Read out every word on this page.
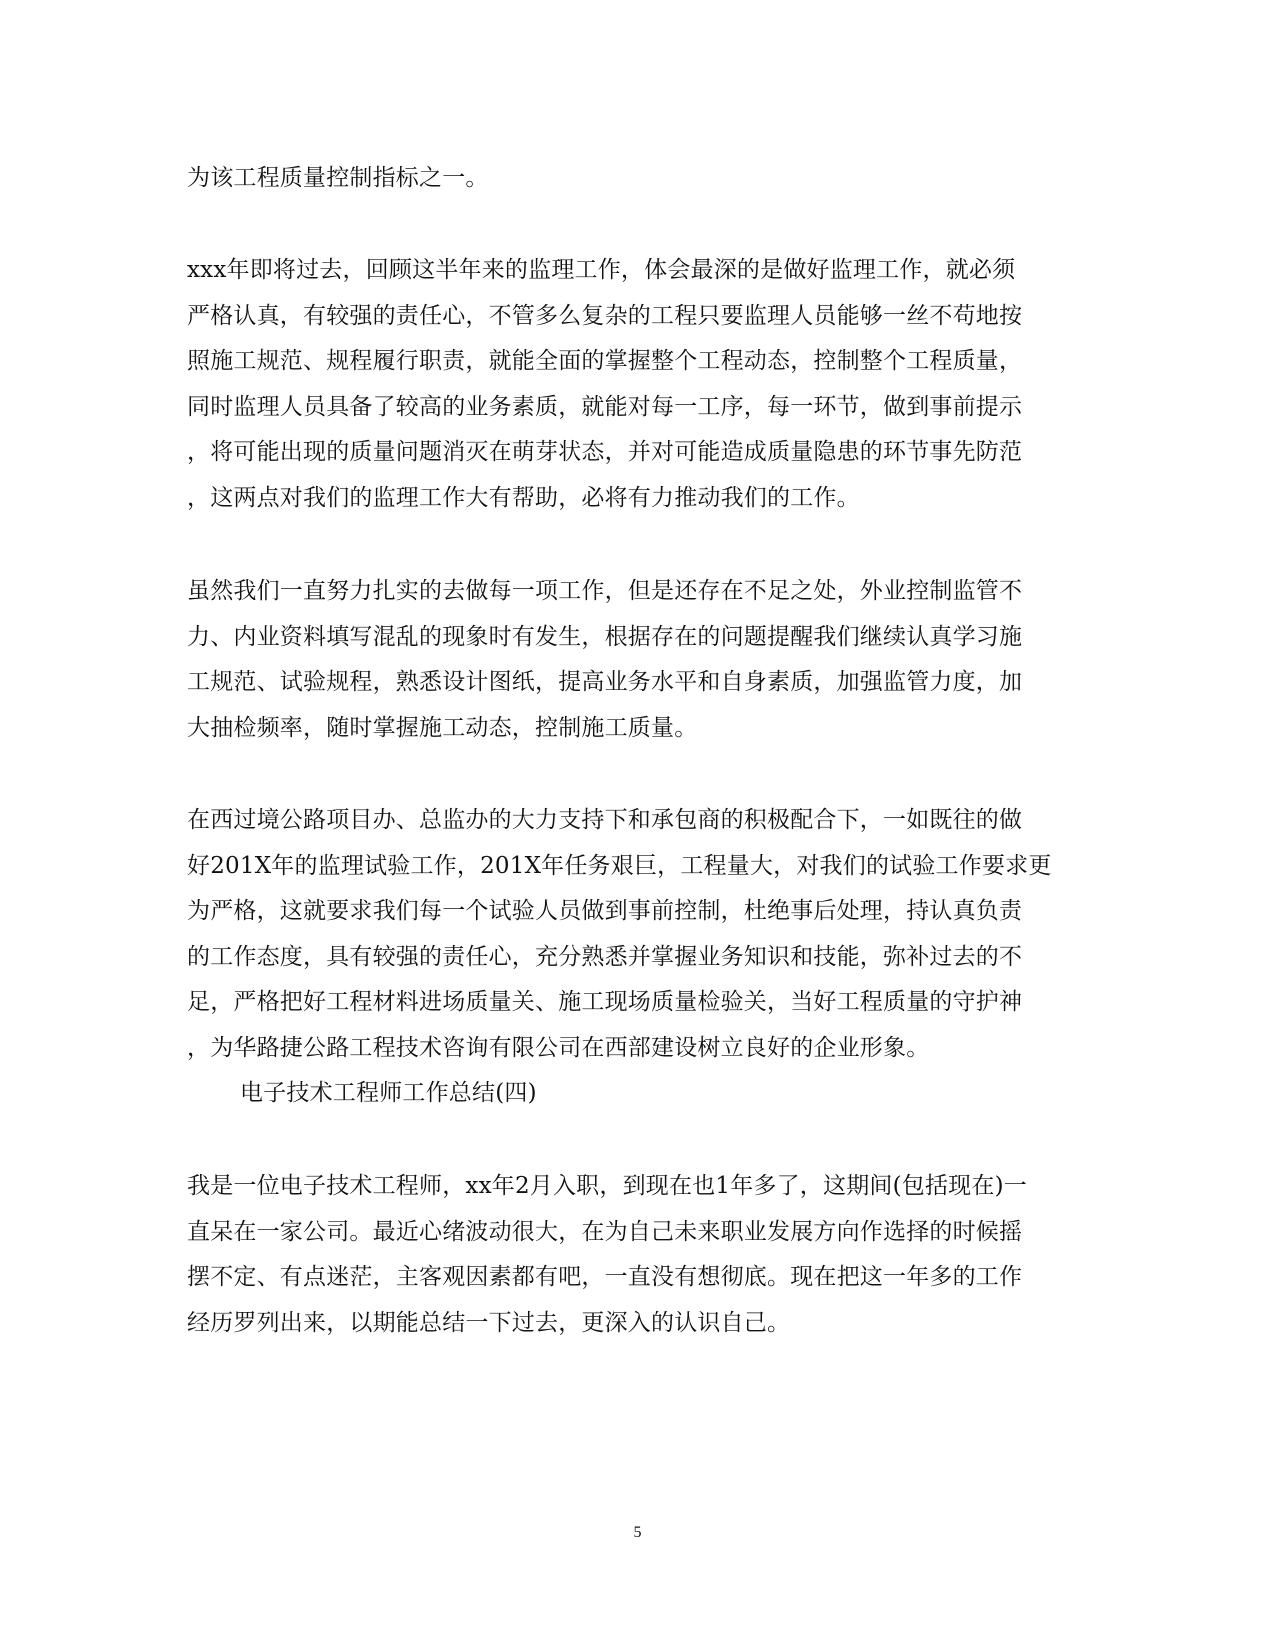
为该工程质量控制指标之一。
xxx年即将过去，回顾这半年来的监理工作，体会最深的是做好监理工作，就必须
严格认真，有较强的责任心，不管多么复杂的工程只要监理人员能够一丝不苟地按
照施工规范、规程履行职责，就能全面的掌握整个工程动态，控制整个工程质量，
同时监理人员具备了较高的业务素质，就能对每一工序，每一环节，做到事前提示
，将可能出现的质量问题消灭在萌芽状态，并对可能造成质量隐患的环节事先防范
，这两点对我们的监理工作大有帮助，必将有力推动我们的工作。
虽然我们一直努力扎实的去做每一项工作，但是还存在不足之处，外业控制监管不
力、内业资料填写混乱的现象时有发生，根据存在的问题提醒我们继续认真学习施
工规范、试验规程，熟悉设计图纸，提高业务水平和自身素质，加强监管力度，加
大抽检频率，随时掌握施工动态，控制施工质量。
在西过境公路项目办、总监办的大力支持下和承包商的积极配合下，一如既往的做
好201X年的监理试验工作，201X年任务艰巨，工程量大，对我们的试验工作要求更
为严格，这就要求我们每一个试验人员做到事前控制，杜绝事后处理，持认真负责
的工作态度，具有较强的责任心，充分熟悉并掌握业务知识和技能，弥补过去的不
足，严格把好工程材料进场质量关、施工现场质量检验关，当好工程质量的守护神
，为华路捷公路工程技术咨询有限公司在西部建设树立良好的企业形象。
电子技术工程师工作总结(四)
我是一位电子技术工程师，xx年2月入职，到现在也1年多了，这期间(包括现在)一
直呆在一家公司。最近心绪波动很大，在为自己未来职业发展方向作选择的时候摇
摆不定、有点迷茫，主客观因素都有吧，一直没有想彻底。现在把这一年多的工作
经历罗列出来，以期能总结一下过去，更深入的认识自己。
5
